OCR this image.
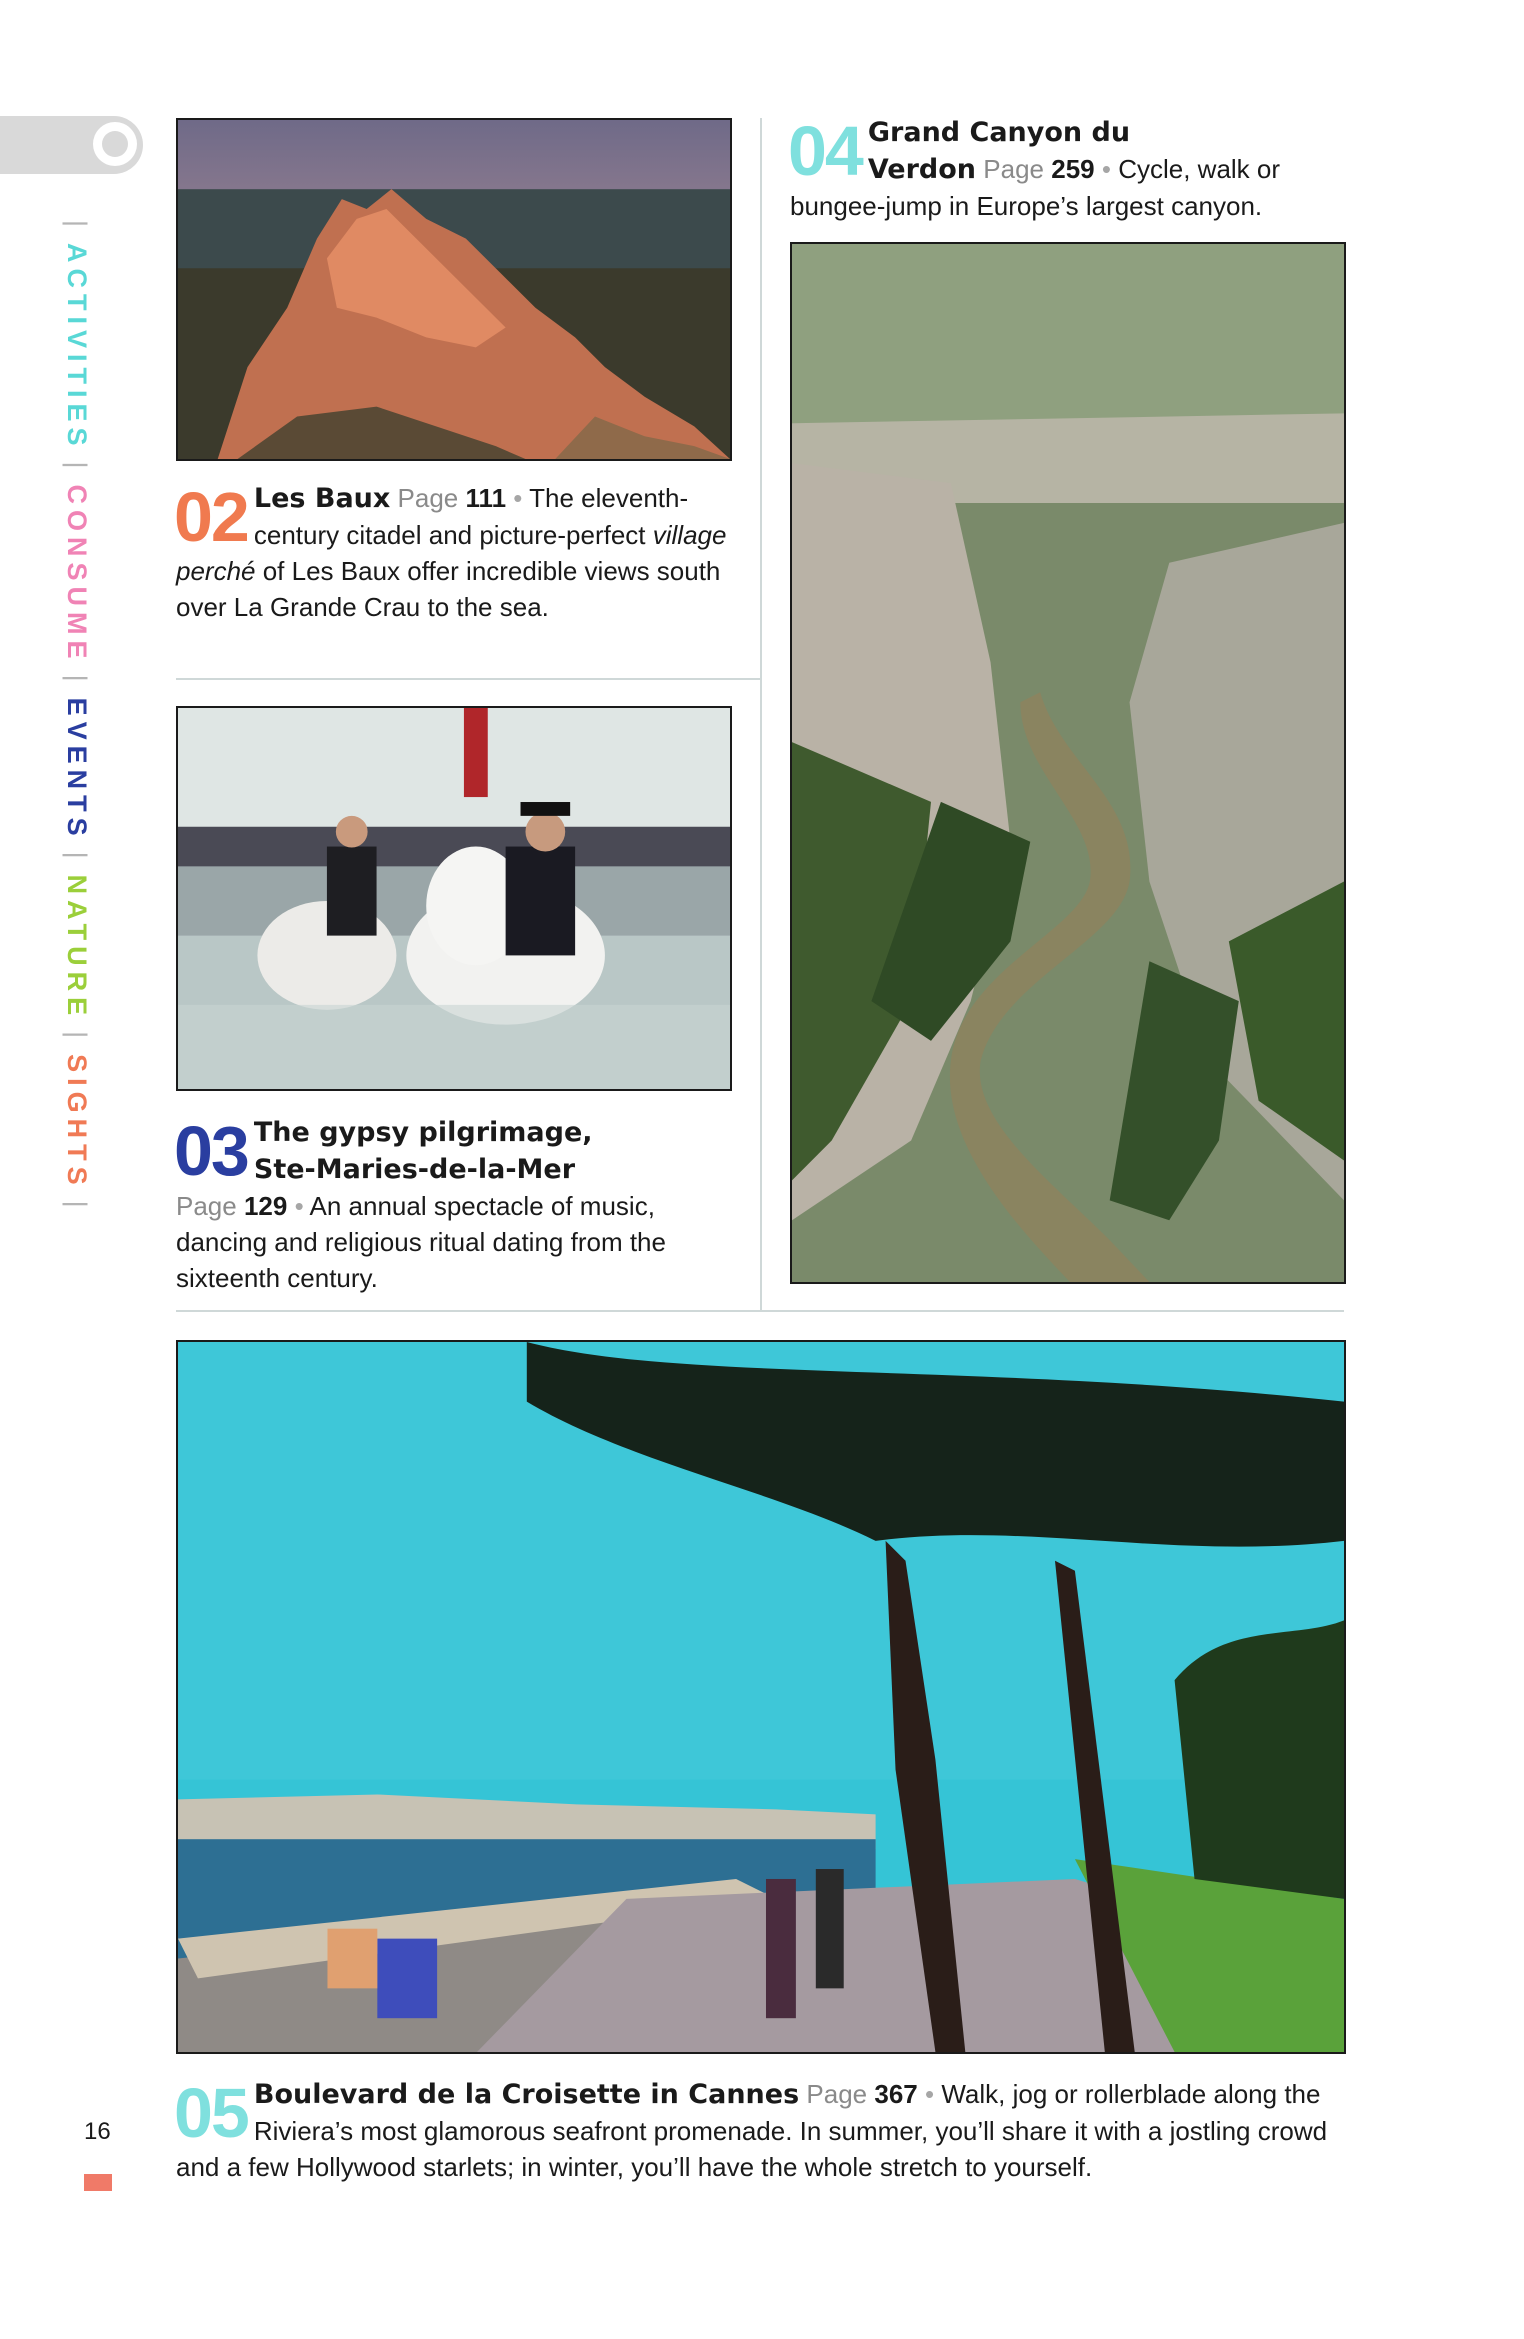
|ACTIVITIES|CONSUME|EVENTS|NATURE|SIGHTS|
16
02 Les Baux Page 111 • The eleventh-century citadel and picture-perfect village perché of Les Baux offer incredible views south over La Grande Crau to the sea.
03 The gypsy pilgrimage,
Ste-Maries-de-la-Mer
Page 129 • An annual spectacle of music, dancing and religious ritual dating from the sixteenth century.
04 Grand Canyon du
Verdon Page 259 • Cycle, walk or bungee-jump in Europe’s largest canyon.
05 Boulevard de la Croisette in Cannes Page 367 • Walk, jog or rollerblade along the Riviera’s most glamorous seafront promenade. In summer, you’ll share it with a jostling crowd and a few Hollywood starlets; in winter, you’ll have the whole stretch to yourself.
